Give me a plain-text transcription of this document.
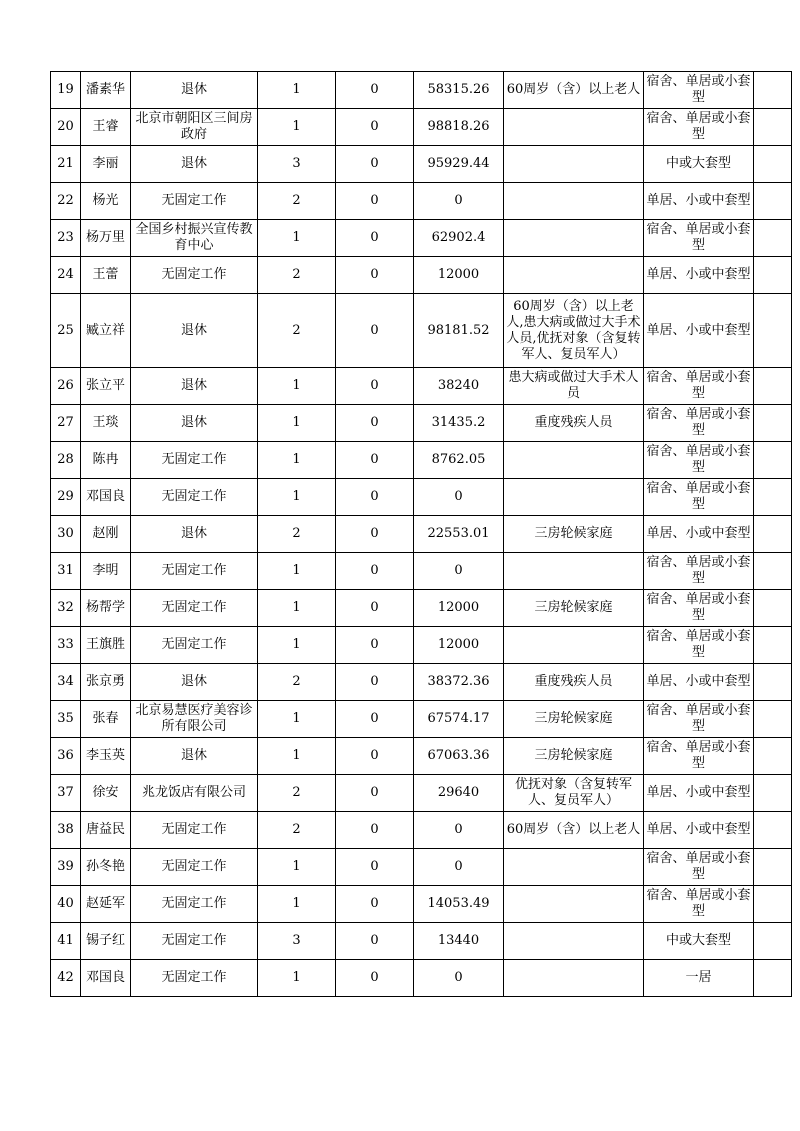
19	潘素华	退休	1	0	58315.26	60周岁（含）以上老人	宿舍、单居或小套型	
20	王睿	北京市朝阳区三间房政府	1	0	98818.26		宿舍、单居或小套型	
21	李丽	退休	3	0	95929.44		中或大套型	
22	杨光	无固定工作	2	0	0		单居、小或中套型	
23	杨万里	全国乡村振兴宣传教育中心	1	0	62902.4		宿舍、单居或小套型	
24	王蕾	无固定工作	2	0	12000		单居、小或中套型	
25	臧立祥	退休	2	0	98181.52	60周岁（含）以上老人,患大病或做过大手术人员,优抚对象（含复转军人、复员军人）	单居、小或中套型	
26	张立平	退休	1	0	38240	患大病或做过大手术人员	宿舍、单居或小套型	
27	王琰	退休	1	0	31435.2	重度残疾人员	宿舍、单居或小套型	
28	陈冉	无固定工作	1	0	8762.05		宿舍、单居或小套型	
29	邓国良	无固定工作	1	0	0		宿舍、单居或小套型	
30	赵刚	退休	2	0	22553.01	三房轮候家庭	单居、小或中套型	
31	李明	无固定工作	1	0	0		宿舍、单居或小套型	
32	杨帮学	无固定工作	1	0	12000	三房轮候家庭	宿舍、单居或小套型	
33	王旗胜	无固定工作	1	0	12000		宿舍、单居或小套型	
34	张京勇	退休	2	0	38372.36	重度残疾人员	单居、小或中套型	
35	张春	北京易慧医疗美容诊所有限公司	1	0	67574.17	三房轮候家庭	宿舍、单居或小套型	
36	李玉英	退休	1	0	67063.36	三房轮候家庭	宿舍、单居或小套型	
37	徐安	兆龙饭店有限公司	2	0	29640	优抚对象（含复转军人、复员军人）	单居、小或中套型	
38	唐益民	无固定工作	2	0	0	60周岁（含）以上老人	单居、小或中套型	
39	孙冬艳	无固定工作	1	0	0		宿舍、单居或小套型	
40	赵延军	无固定工作	1	0	14053.49		宿舍、单居或小套型	
41	锡子红	无固定工作	3	0	13440		中或大套型	
42	邓国良	无固定工作	1	0	0		一居	
